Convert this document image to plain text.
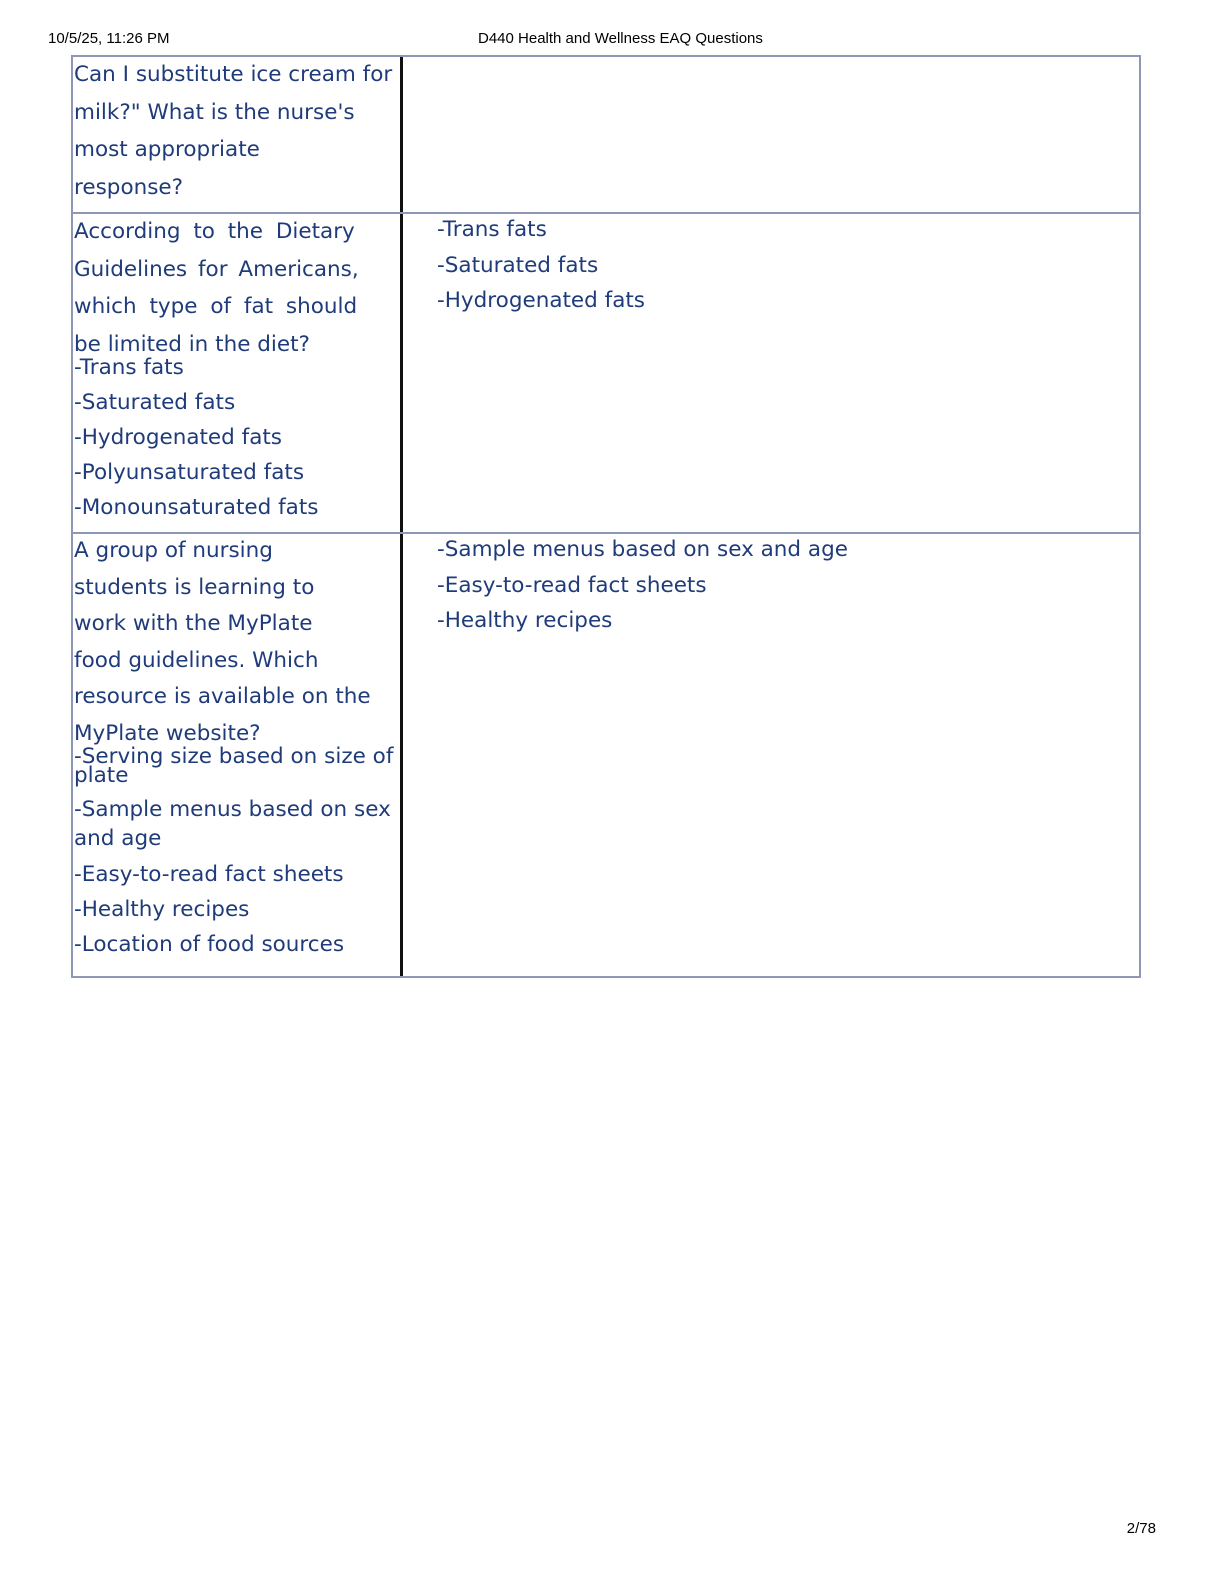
10/5/25, 11:26 PM	D440 Health and Wellness EAQ Questions

Can I substitute ice cream for

milk?" What is the nurse's

most appropriate

response?

According to the Dietary

Guidelines for Americans,

which type of fat should

be limited in the diet?

-Trans fats

-Saturated fats

-Hydrogenated fats

-Polyunsaturated fats

-Monounsaturated fats

-Trans fats

-Saturated fats

-Hydrogenated fats

A group of nursing

students is learning to

work with the MyPlate

food guidelines. Which

resource is available on the

MyPlate website?

-Serving size based on size of plate

-Sample menus based on sex and age

-Easy-to-read fact sheets

-Healthy recipes

-Location of food sources

-Sample menus based on sex and age

-Easy-to-read fact sheets

-Healthy recipes

2/78
